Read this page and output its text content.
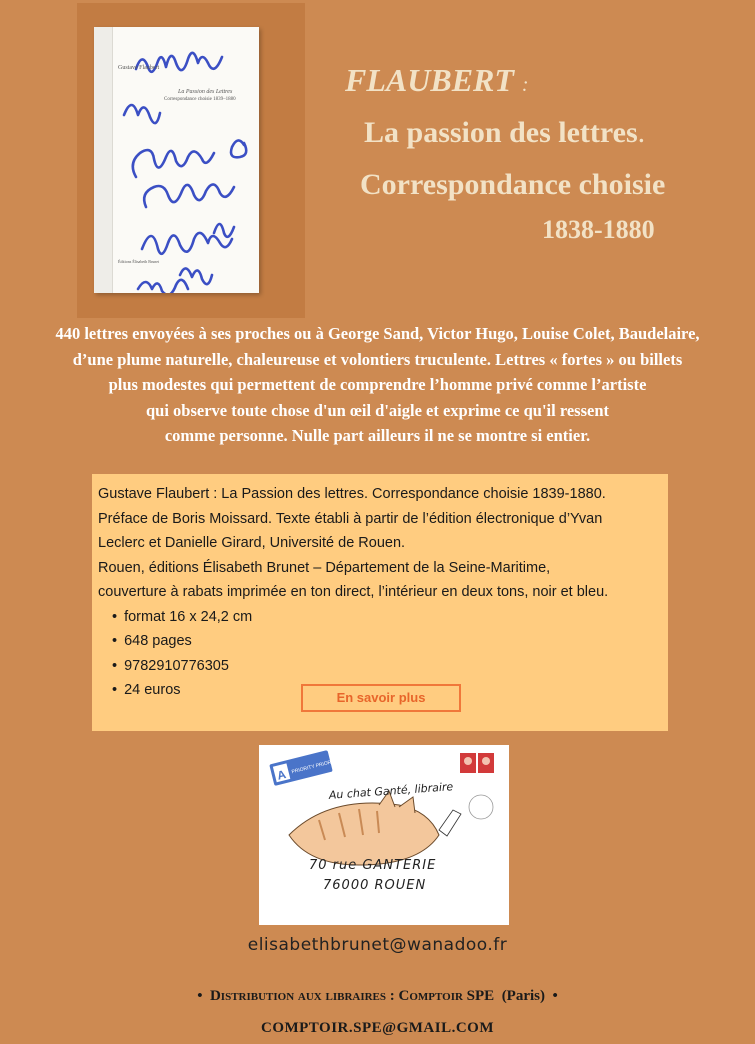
Gustave Flaubert
La Passion des Lettres
Correspondance choisie 1839–1880
Éditions Élisabeth Brunet
FLAUBERT :
La passion des lettres.
Correspondance choisie
1838-1880
440 lettres envoyées à ses proches ou à George Sand, Victor Hugo, Louise Colet, Baudelaire,
d’une plume naturelle, chaleureuse et volontiers truculente. Lettres « fortes » ou billets
plus modestes qui permettent de comprendre l’homme privé comme l’artiste
qui observe toute chose d'un œil d'aigle et exprime ce qu'il ressent
comme personne. Nulle part ailleurs il ne se montre si entier.
Gustave Flaubert : La Passion des lettres. Correspondance choisie 1839-1880.
Préface de Boris Moissard. Texte établi à partir de l’édition électronique d’Yvan
Leclerc et Danielle Girard, Université de Rouen.
Rouen, éditions Élisabeth Brunet – Département de la Seine-Maritime,
couverture à rabats imprimée en ton direct, l’intérieur en deux tons, noir et bleu.
• format 16 x 24,2 cm
• 648 pages
• 9782910776305
• 24 euros	En savoir plus
A PRIORITY PRIORITAIRE
Au chat Ganté, libraire
70 rue GANTERIE
76000 ROUEN
elisabethbrunet@wanadoo.fr
• Distribution aux libraires : Comptoir SPE (Paris) •
COMPTOIR.SPE@GMAIL.COM
